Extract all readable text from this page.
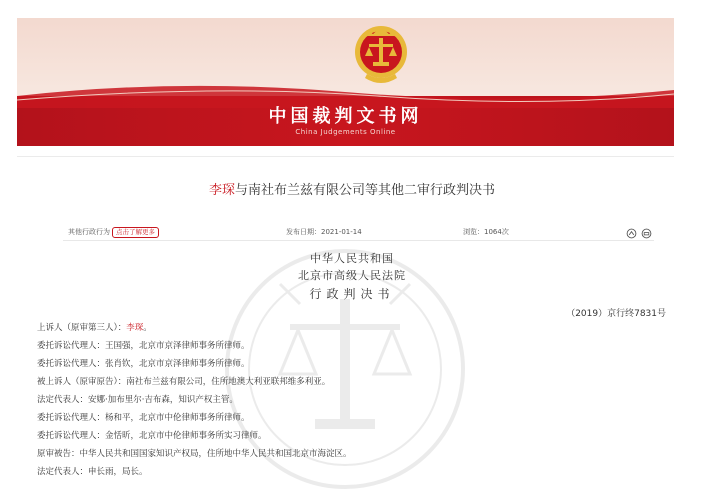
中国裁判文书网
China Judgements Online
李琛与南社布兰兹有限公司等其他二审行政判决书
其他行政行为 点击了解更多	发布日期：2021-01-14	浏览：1064次
中华人民共和国
北京市高级人民法院
行政判决书
（2019）京行终7831号
上诉人（原审第三人）：李琛。
委托诉讼代理人：王国强，北京市京泽律师事务所律师。
委托诉讼代理人：张肖钦，北京市京泽律师事务所律师。
被上诉人（原审原告）：南社布兰兹有限公司，住所地澳大利亚联邦维多利亚。
法定代表人：安娜·加布里尔·吉布森，知识产权主管。
委托诉讼代理人：杨和平，北京市中伦律师事务所律师。
委托诉讼代理人：金恬昕，北京市中伦律师事务所实习律师。
原审被告：中华人民共和国国家知识产权局，住所地中华人民共和国北京市海淀区。
法定代表人：申长雨，局长。
